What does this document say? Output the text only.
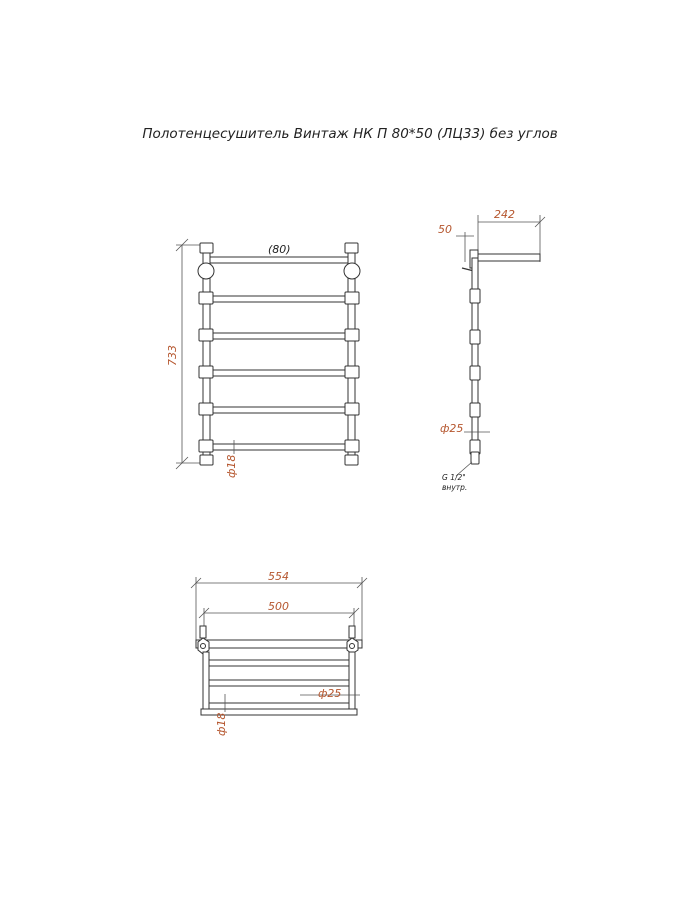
Полотенцесушитель Винтаж НК П 80*50 (ЛЦ33) без углов
733
(80)
ф18
242
50
ф25
G 1/2"
внутр.
554
500
ф25
ф18
